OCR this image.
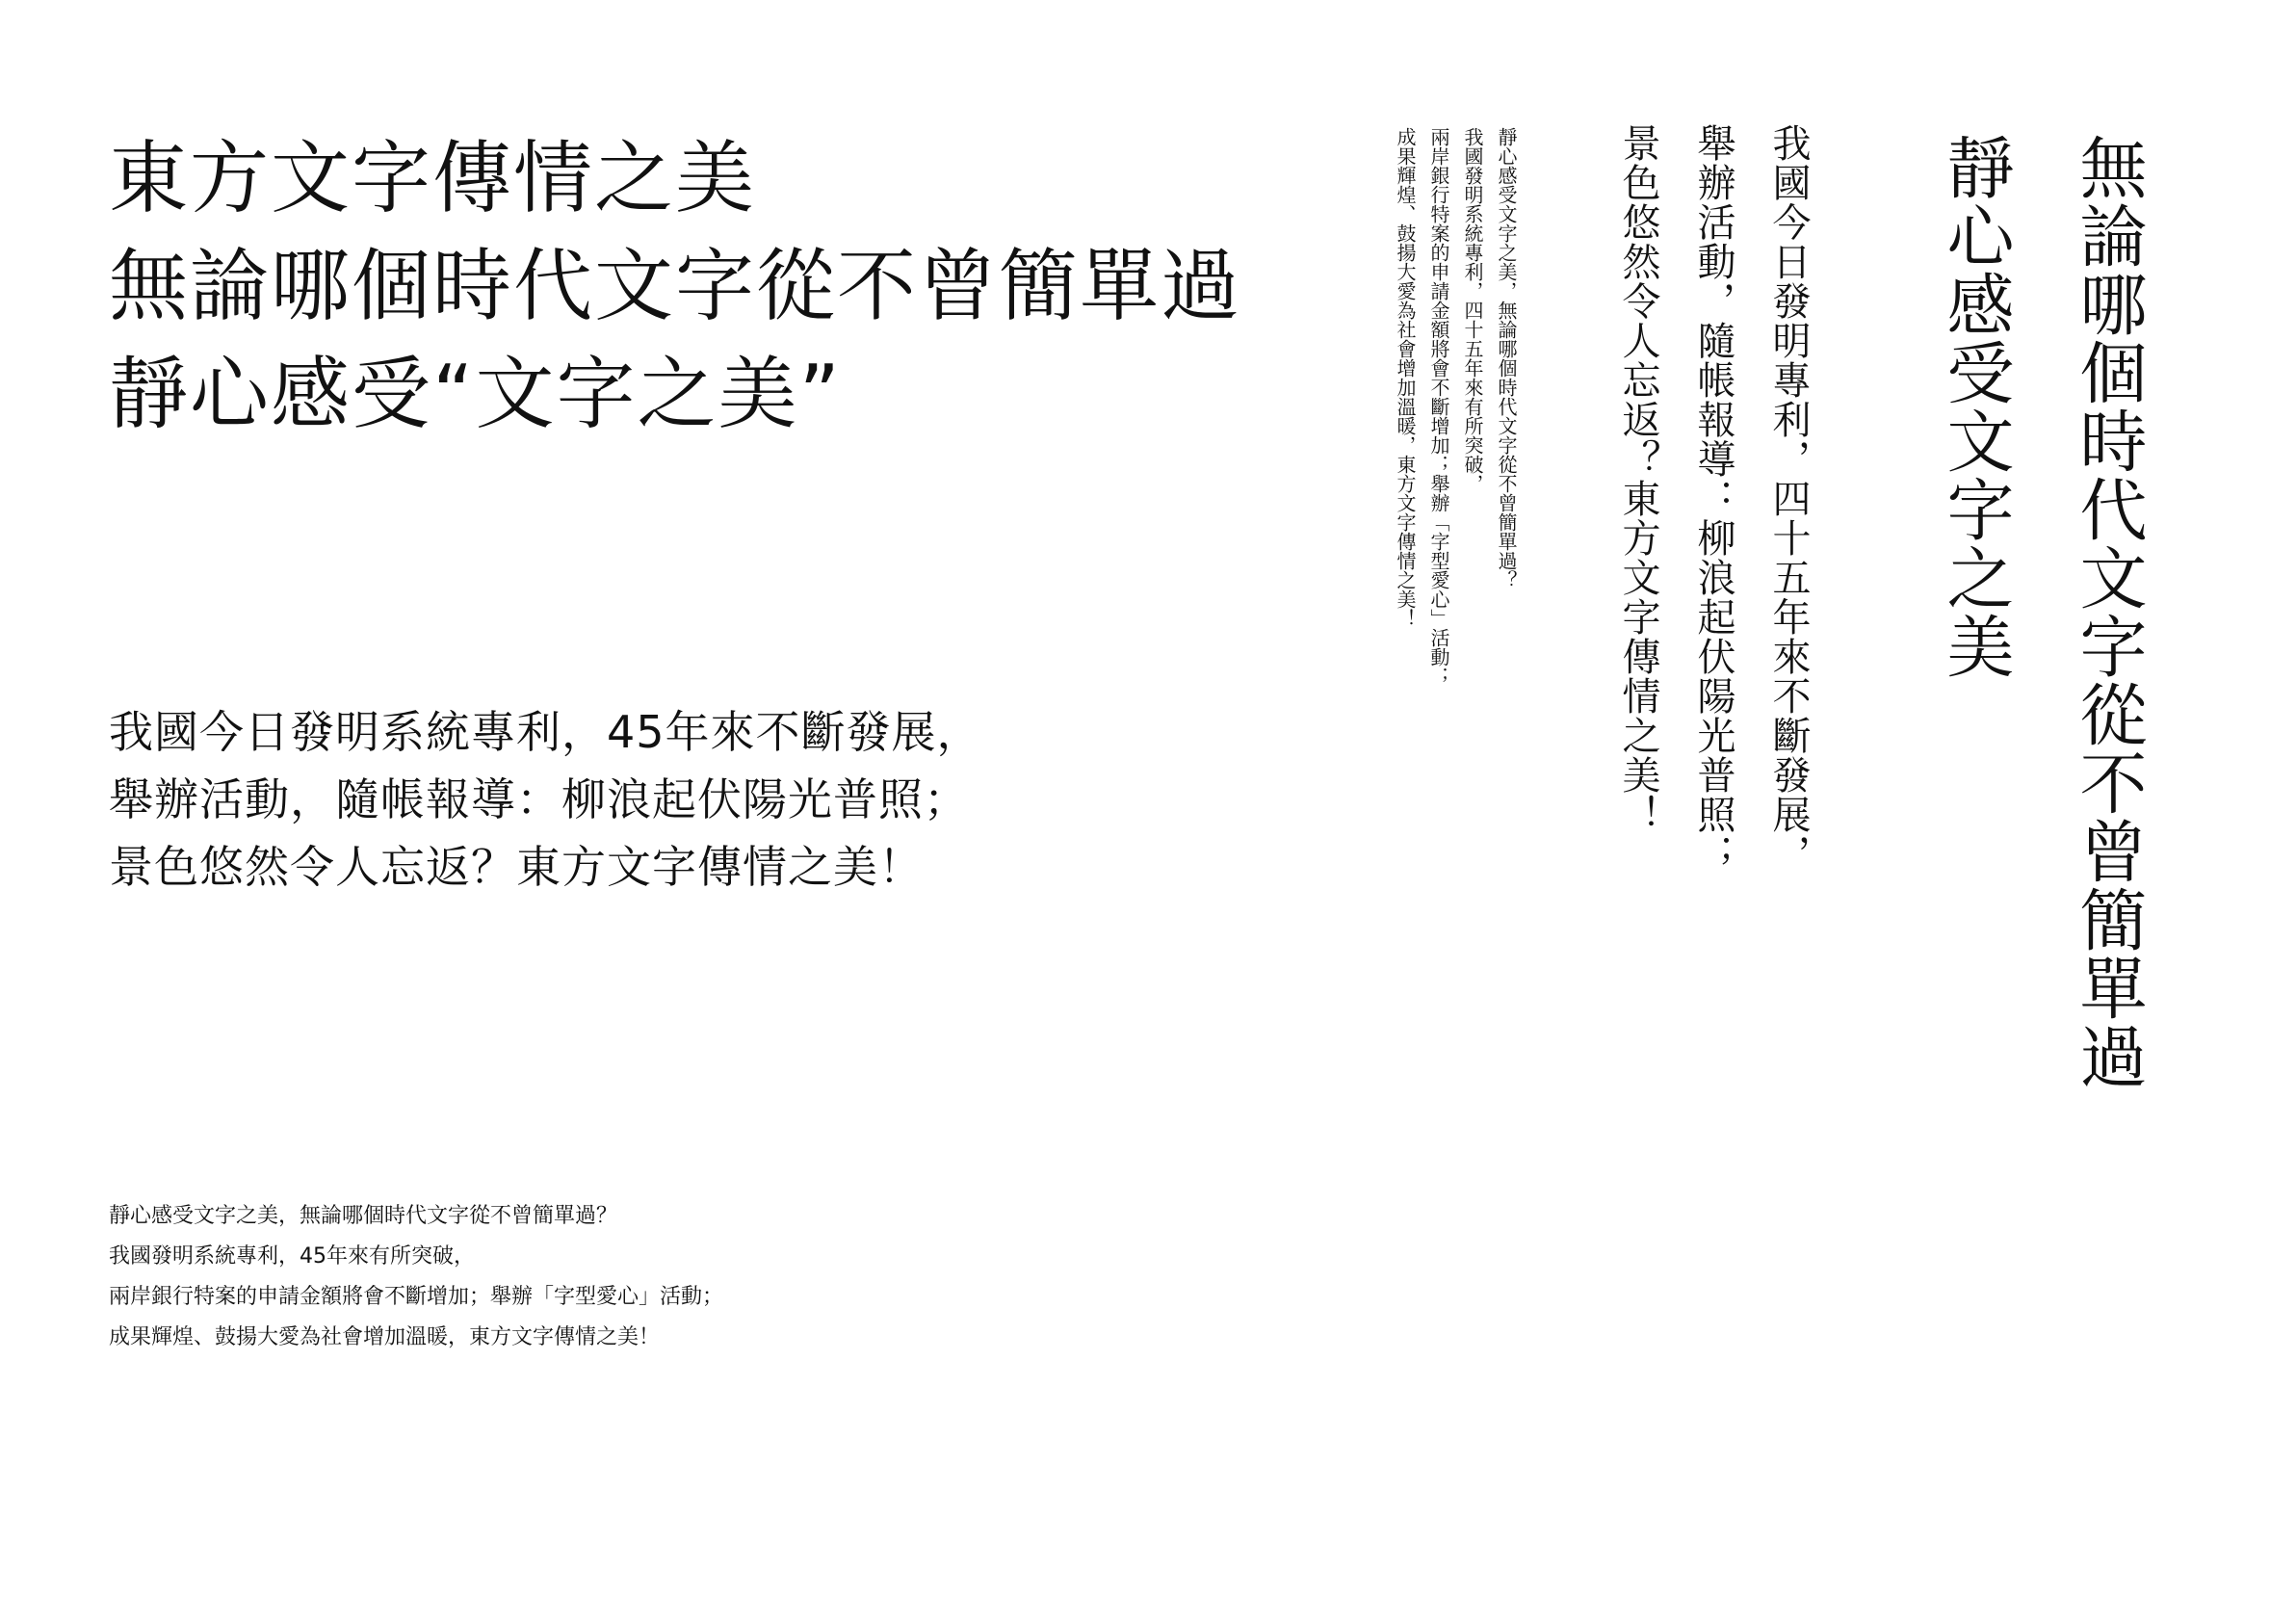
東方文字傳情之美
無論哪個時代文字從不曾簡單過
靜心感受“文字之美”
我國今日發明系統專利，45年來不斷發展，
舉辦活動，隨帳報導：柳浪起伏陽光普照；
景色悠然令人忘返？東方文字傳情之美！
靜心感受文字之美，無論哪個時代文字從不曾簡單過？
我國發明系統專利，45年來有所突破，
兩岸銀行特案的申請金額將會不斷增加；舉辦「字型愛心」活動；
成果輝煌、鼓揚大愛為社會增加溫暖，東方文字傳情之美！
無論哪個時代文字從不曾簡單過
靜心感受文字之美
我國今日發明專利，四十五年來不斷發展，
舉辦活動，隨帳報導：柳浪起伏陽光普照；
景色悠然令人忘返？東方文字傳情之美！
靜心感受文字之美，無論哪個時代文字從不曾簡單過？
我國發明系統專利，四十五年來有所突破，
兩岸銀行特案的申請金額將會不斷增加；舉辦「字型愛心」活動；
成果輝煌、鼓揚大愛為社會增加溫暖，東方文字傳情之美！
